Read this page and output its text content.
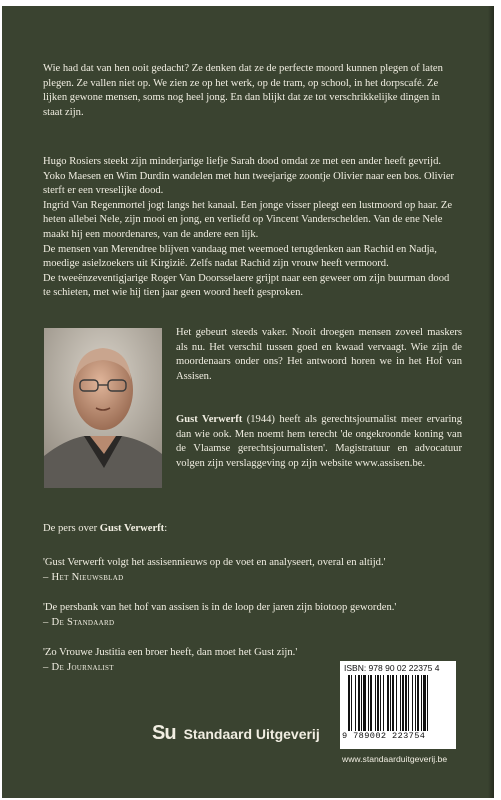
Wie had dat van hen ooit gedacht? Ze denken dat ze de perfecte moord kunnen plegen of laten plegen. Ze vallen niet op. We zien ze op het werk, op de tram, op school, in het dorpscafé. Ze lijken gewone mensen, soms nog heel jong. En dan blijkt dat ze tot verschrikkelijke dingen in staat zijn.

Hugo Rosiers steekt zijn minderjarige liefje Sarah dood omdat ze met een ander heeft gevrijd.
Yoko Maesen en Wim Durdin wandelen met hun tweejarige zoontje Olivier naar een bos. Olivier sterft er een vreselijke dood.
Ingrid Van Regenmortel jogt langs het kanaal. Een jonge visser pleegt een lustmoord op haar. Ze heten allebei Nele, zijn mooi en jong, en verliefd op Vincent Vanderschelden. Van de ene Nele maakt hij een moordenares, van de andere een lijk.
De mensen van Merendree blijven vandaag met weemoed terugdenken aan Rachid en Nadja, moedige asielzoekers uit Kirgizië. Zelfs nadat Rachid zijn vrouw heeft vermoord.
De tweeënzeventigjarige Roger Van Doorsselaere grijpt naar een geweer om zijn buurman dood te schieten, met wie hij tien jaar geen woord heeft gesproken.

Het gebeurt steeds vaker. Nooit droegen mensen zoveel maskers als nu. Het verschil tussen goed en kwaad vervaagt. Wie zijn de moordenaars onder ons? Het antwoord horen we in het Hof van Assisen.

Gust Verwerft (1944) heeft als gerechtsjournalist meer ervaring dan wie ook. Men noemt hem terecht 'de ongekroonde koning van de Vlaamse gerechtsjournalisten'. Magistratuur en advocatuur volgen zijn verslaggeving op zijn website www.assisen.be.

De pers over Gust Verwerft:

'Gust Verwerft volgt het assisennieuws op de voet en analyseert, overal en altijd.'
– Het Nieuwsblad

'De persbank van het hof van assisen is in de loop der jaren zijn biotoop geworden.'
– De Standaard

'Zo Vrouwe Justitia een broer heeft, dan moet het Gust zijn.'
– De Journalist

Su Standaard Uitgeverij
ISBN: 978 90 02 22375 4
9 789002 223754
www.standaarduitgeverij.be
